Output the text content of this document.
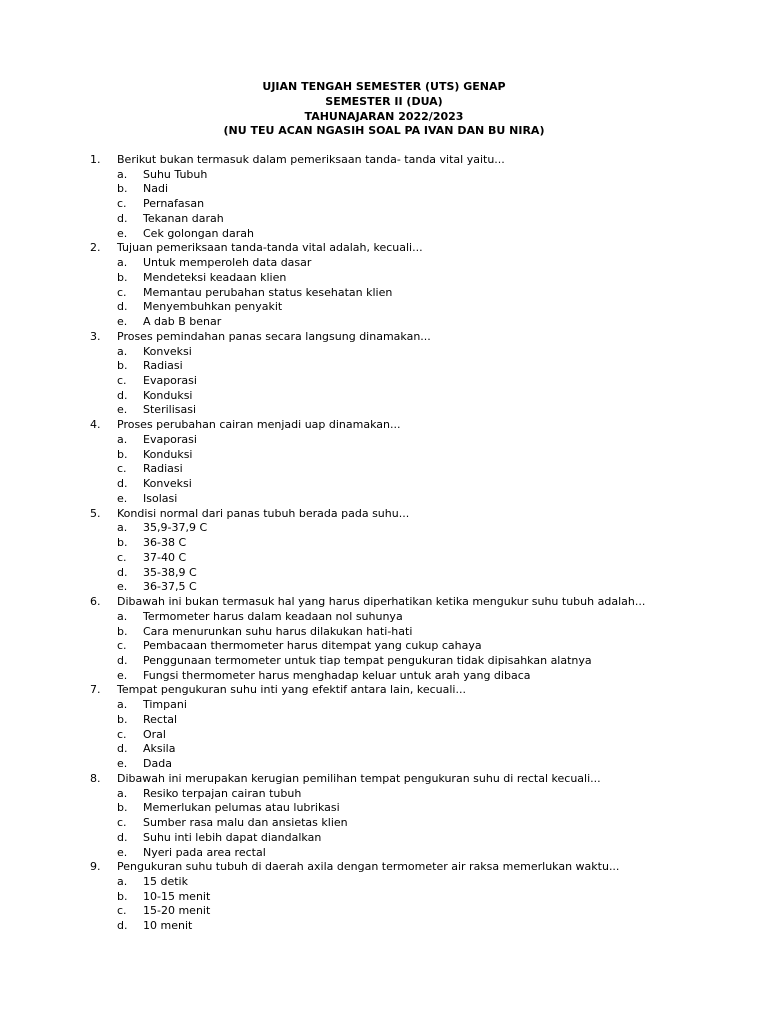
UJIAN TENGAH SEMESTER (UTS) GENAP
SEMESTER II (DUA)
TAHUNAJARAN 2022/2023
(NU TEU ACAN NGASIH SOAL PA IVAN DAN BU NIRA)
1.	Berikut bukan termasuk dalam pemeriksaan tanda- tanda vital yaitu...
a.	Suhu Tubuh
b.	Nadi
c.	Pernafasan
d.	Tekanan darah
e.	Cek golongan darah
2.	Tujuan pemeriksaan tanda-tanda vital adalah, kecuali...
a.	Untuk memperoleh data dasar
b.	Mendeteksi keadaan klien
c.	Memantau perubahan status kesehatan klien
d.	Menyembuhkan penyakit
e.	A dab B benar
3.	Proses pemindahan panas secara langsung dinamakan...
a.	Konveksi
b.	Radiasi
c.	Evaporasi
d.	Konduksi
e.	Sterilisasi
4.	Proses perubahan cairan menjadi uap dinamakan...
a.	Evaporasi
b.	Konduksi
c.	Radiasi
d.	Konveksi
e.	Isolasi
5.	Kondisi normal dari panas tubuh berada pada suhu...
a.	35,9-37,9 C
b.	36-38 C
c.	37-40 C
d.	35-38,9 C
e.	36-37,5 C
6.	Dibawah ini bukan termasuk hal yang harus diperhatikan ketika mengukur suhu tubuh adalah...
a.	Termometer harus dalam keadaan nol suhunya
b.	Cara menurunkan suhu harus dilakukan hati-hati
c.	Pembacaan thermometer harus ditempat yang cukup cahaya
d.	Penggunaan termometer untuk tiap tempat pengukuran tidak dipisahkan alatnya
e.	Fungsi thermometer harus menghadap keluar untuk arah yang dibaca
7.	Tempat pengukuran suhu inti yang efektif antara lain, kecuali...
a.	Timpani
b.	Rectal
c.	Oral
d.	Aksila
e.	Dada
8.	Dibawah ini merupakan kerugian pemilihan tempat pengukuran suhu di rectal kecuali...
a.	Resiko terpajan cairan tubuh
b.	Memerlukan pelumas atau lubrikasi
c.	Sumber rasa malu dan ansietas klien
d.	Suhu inti lebih dapat diandalkan
e.	Nyeri pada area rectal
9.	Pengukuran suhu tubuh di daerah axila dengan termometer air raksa memerlukan waktu...
a.	15 detik
b.	10-15 menit
c.	15-20 menit
d.	10 menit
